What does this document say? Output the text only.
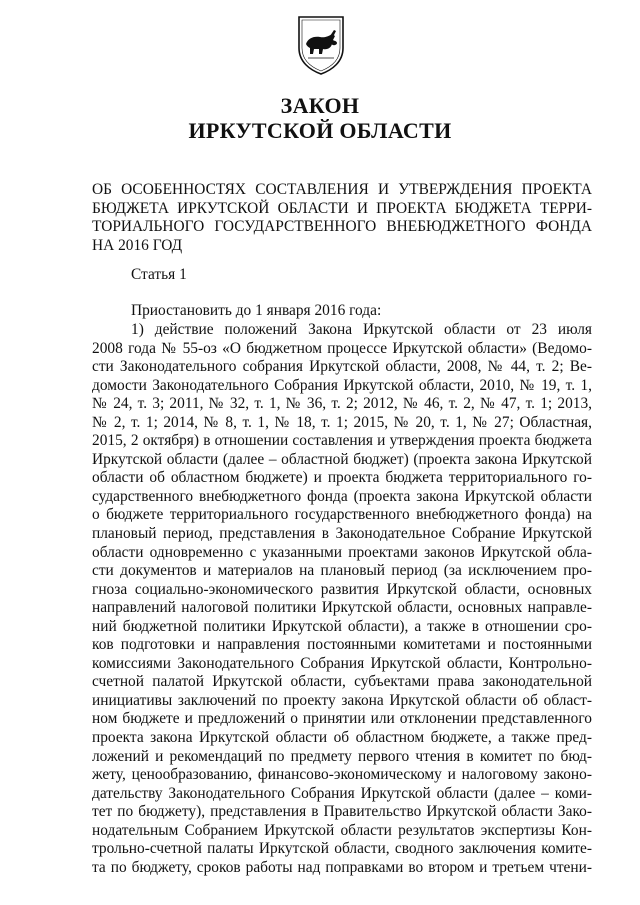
ЗАКОН
ИРКУТСКОЙ ОБЛАСТИ
ОБ ОСОБЕННОСТЯХ СОСТАВЛЕНИЯ И УТВЕРЖДЕНИЯ ПРОЕКТА
БЮДЖЕТА ИРКУТСКОЙ ОБЛАСТИ И ПРОЕКТА БЮДЖЕТА ТЕРРИ-
ТОРИАЛЬНОГО ГОСУДАРСТВЕННОГО ВНЕБЮДЖЕТНОГО ФОНДА
НА 2016 ГОД
Статья 1
Приостановить до 1 января 2016 года:
1) действие положений Закона Иркутской области от 23 июля
2008 года № 55-оз «О бюджетном процессе Иркутской области» (Ведомо-
сти Законодательного собрания Иркутской области, 2008, № 44, т. 2; Ве-
домости Законодательного Собрания Иркутской области, 2010, № 19, т. 1,
№ 24, т. 3; 2011, № 32, т. 1, № 36, т. 2; 2012, № 46, т. 2, № 47, т. 1; 2013,
№ 2, т. 1; 2014, № 8, т. 1, № 18, т. 1; 2015, № 20, т. 1, № 27; Областная,
2015, 2 октября) в отношении составления и утверждения проекта бюджета
Иркутской области (далее – областной бюджет) (проекта закона Иркутской
области об областном бюджете) и проекта бюджета территориального го-
сударственного внебюджетного фонда (проекта закона Иркутской области
о бюджете территориального государственного внебюджетного фонда) на
плановый период, представления в Законодательное Собрание Иркутской
области одновременно с указанными проектами законов Иркутской обла-
сти документов и материалов на плановый период (за исключением про-
гноза социально-экономического развития Иркутской области, основных
направлений налоговой политики Иркутской области, основных направле-
ний бюджетной политики Иркутской области), а также в отношении сро-
ков подготовки и направления постоянными комитетами и постоянными
комиссиями Законодательного Собрания Иркутской области, Контрольно-
счетной палатой Иркутской области, субъектами права законодательной
инициативы заключений по проекту закона Иркутской области об област-
ном бюджете и предложений о принятии или отклонении представленного
проекта закона Иркутской области об областном бюджете, а также пред-
ложений и рекомендаций по предмету первого чтения в комитет по бюд-
жету, ценообразованию, финансово-экономическому и налоговому законо-
дательству Законодательного Собрания Иркутской области (далее – коми-
тет по бюджету), представления в Правительство Иркутской области Зако-
нодательным Собранием Иркутской области результатов экспертизы Кон-
трольно-счетной палаты Иркутской области, сводного заключения комите-
та по бюджету, сроков работы над поправками во втором и третьем чтени-
